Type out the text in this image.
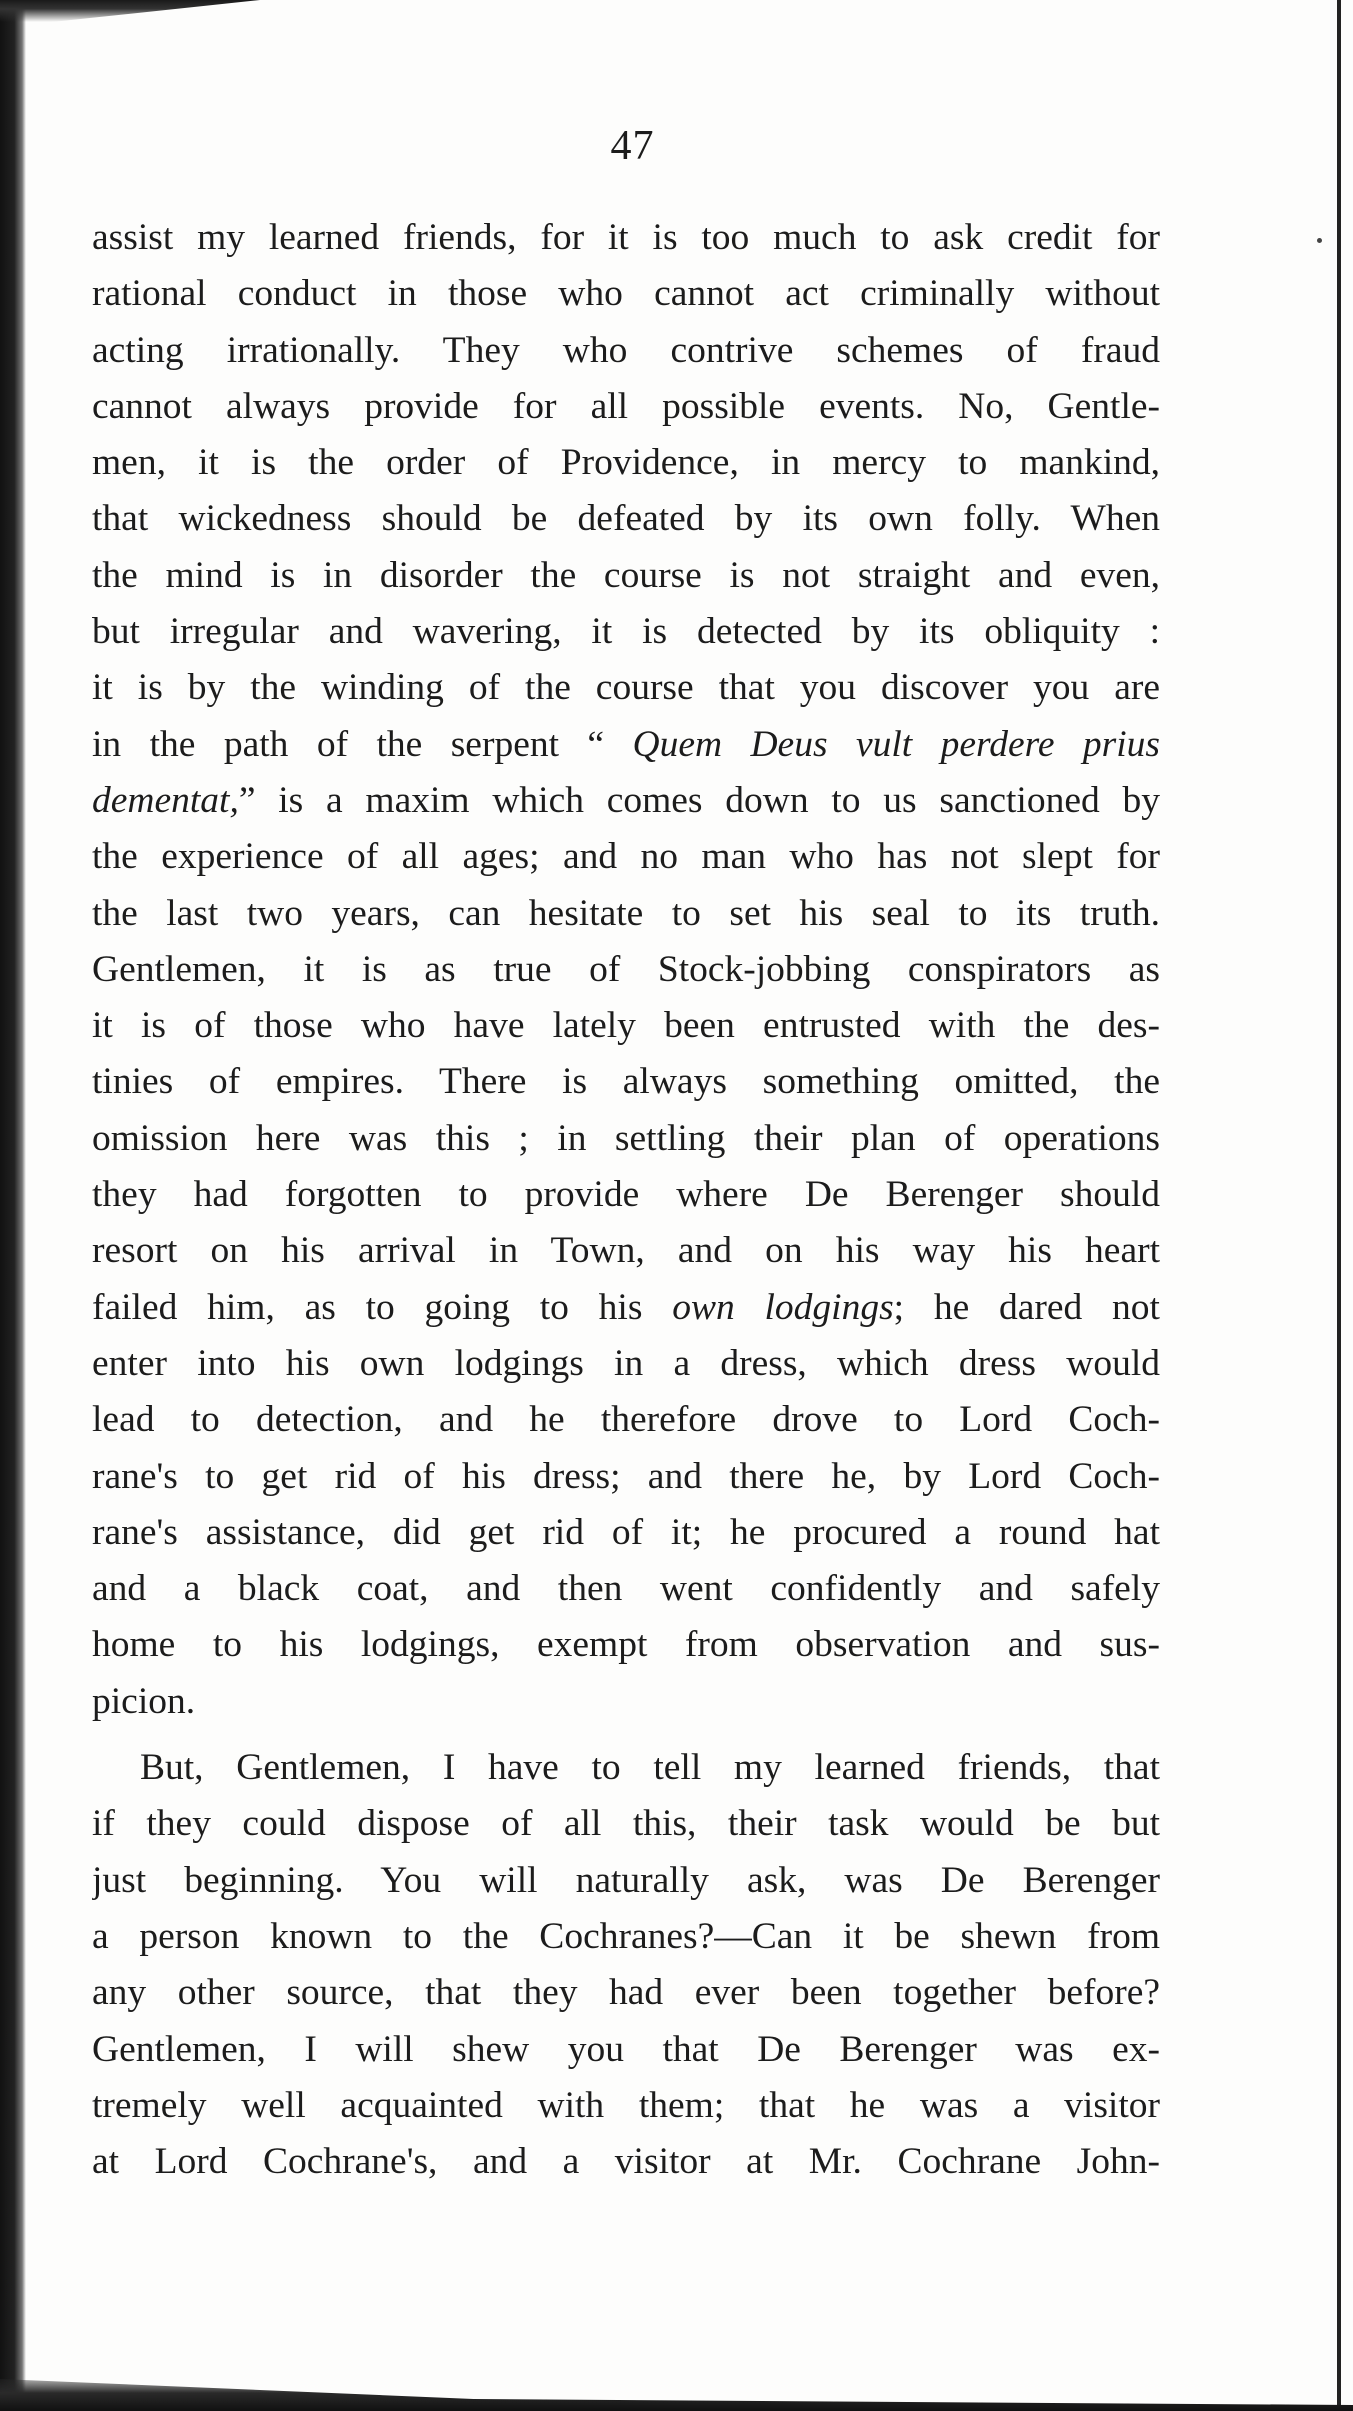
47
assist my learned friends, for it is too much to ask credit for
rational conduct in those who cannot act criminally without
acting irrationally. They who contrive schemes of fraud
cannot always provide for all possible events. No, Gentle-
men, it is the order of Providence, in mercy to mankind,
that wickedness should be defeated by its own folly. When
the mind is in disorder the course is not straight and even,
but irregular and wavering, it is detected by its obliquity :
it is by the winding of the course that you discover you are
in the path of the serpent “ Quem Deus vult perdere prius
dementat,” is a maxim which comes down to us sanctioned by
the experience of all ages; and no man who has not slept for
the last two years, can hesitate to set his seal to its truth.
Gentlemen, it is as true of Stock-jobbing conspirators as
it is of those who have lately been entrusted with the des-
tinies of empires. There is always something omitted, the
omission here was this ; in settling their plan of operations
they had forgotten to provide where De Berenger should
resort on his arrival in Town, and on his way his heart
failed him, as to going to his own lodgings; he dared not
enter into his own lodgings in a dress, which dress would
lead to detection, and he therefore drove to Lord Coch-
rane's to get rid of his dress; and there he, by Lord Coch-
rane's assistance, did get rid of it; he procured a round hat
and a black coat, and then went confidently and safely
home to his lodgings, exempt from observation and sus-
picion.
But, Gentlemen, I have to tell my learned friends, that
if they could dispose of all this, their task would be but
just beginning. You will naturally ask, was De Berenger
a person known to the Cochranes?—Can it be shewn from
any other source, that they had ever been together before?
Gentlemen, I will shew you that De Berenger was ex-
tremely well acquainted with them; that he was a visitor
at Lord Cochrane's, and a visitor at Mr. Cochrane John-
